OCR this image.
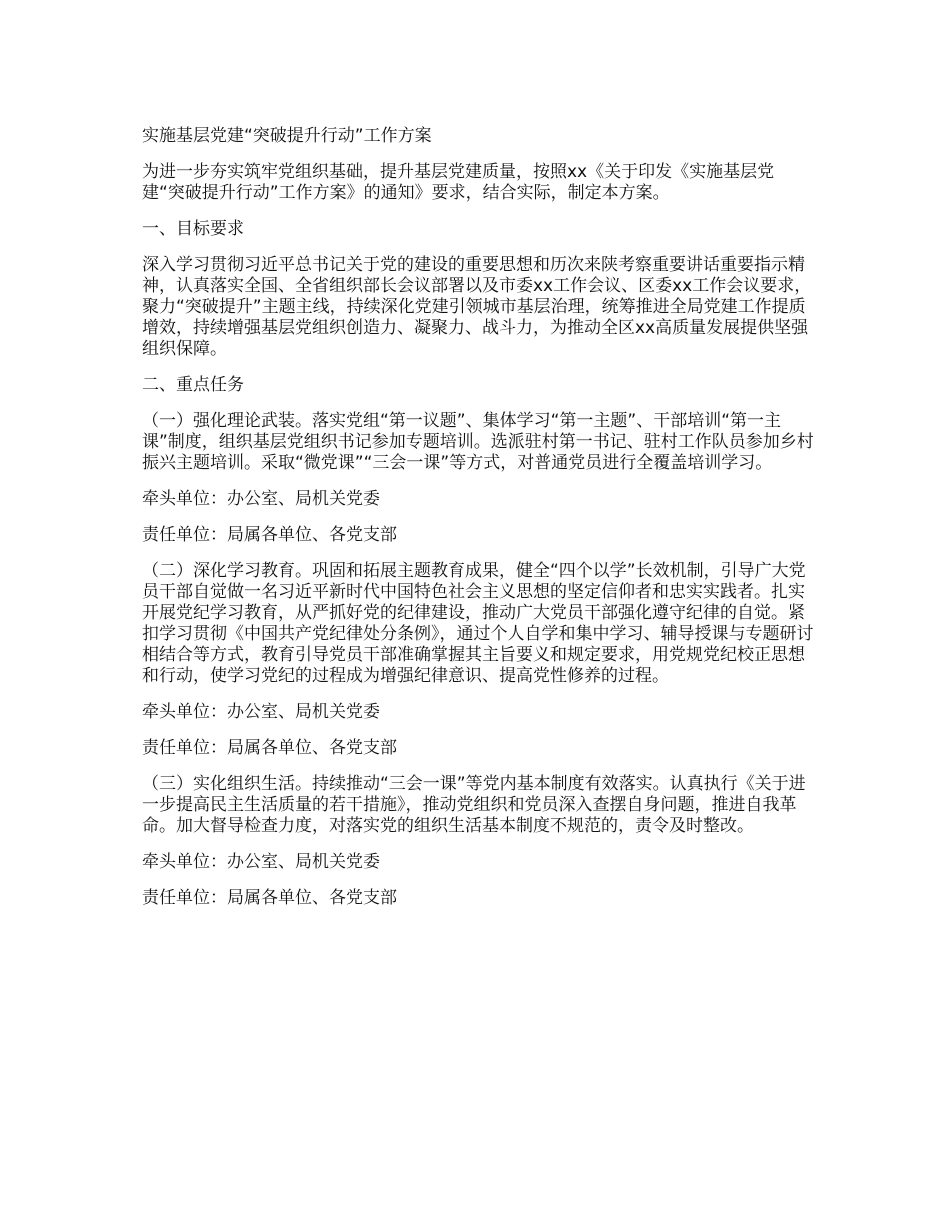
实施基层党建“突破提升行动”工作方案

为进一步夯实筑牢党组织基础，提升基层党建质量，按照xx《关于印发《实施基层党建“突破提升行动”工作方案》的通知》要求，结合实际，制定本方案。

一、目标要求

深入学习贯彻习近平总书记关于党的建设的重要思想和历次来陕考察重要讲话重要指示精神，认真落实全国、全省组织部长会议部署以及市委xx工作会议、区委xx工作会议要求，聚力“突破提升”主题主线，持续深化党建引领城市基层治理，统筹推进全局党建工作提质增效，持续增强基层党组织创造力、凝聚力、战斗力，为推动全区xx高质量发展提供坚强组织保障。

二、重点任务

（一）强化理论武装。落实党组“第一议题”、集体学习“第一主题”、干部培训“第一主课”制度，组织基层党组织书记参加专题培训。选派驻村第一书记、驻村工作队员参加乡村振兴主题培训。采取“微党课”“三会一课”等方式，对普通党员进行全覆盖培训学习。

牵头单位：办公室、局机关党委

责任单位：局属各单位、各党支部

（二）深化学习教育。巩固和拓展主题教育成果，健全“四个以学”长效机制，引导广大党员干部自觉做一名习近平新时代中国特色社会主义思想的坚定信仰者和忠实实践者。扎实开展党纪学习教育，从严抓好党的纪律建设，推动广大党员干部强化遵守纪律的自觉。紧扣学习贯彻《中国共产党纪律处分条例》，通过个人自学和集中学习、辅导授课与专题研讨相结合等方式，教育引导党员干部准确掌握其主旨要义和规定要求，用党规党纪校正思想和行动，使学习党纪的过程成为增强纪律意识、提高党性修养的过程。

牵头单位：办公室、局机关党委

责任单位：局属各单位、各党支部

（三）实化组织生活。持续推动“三会一课”等党内基本制度有效落实。认真执行《关于进一步提高民主生活质量的若干措施》，推动党组织和党员深入查摆自身问题，推进自我革命。加大督导检查力度，对落实党的组织生活基本制度不规范的，责令及时整改。

牵头单位：办公室、局机关党委

责任单位：局属各单位、各党支部
